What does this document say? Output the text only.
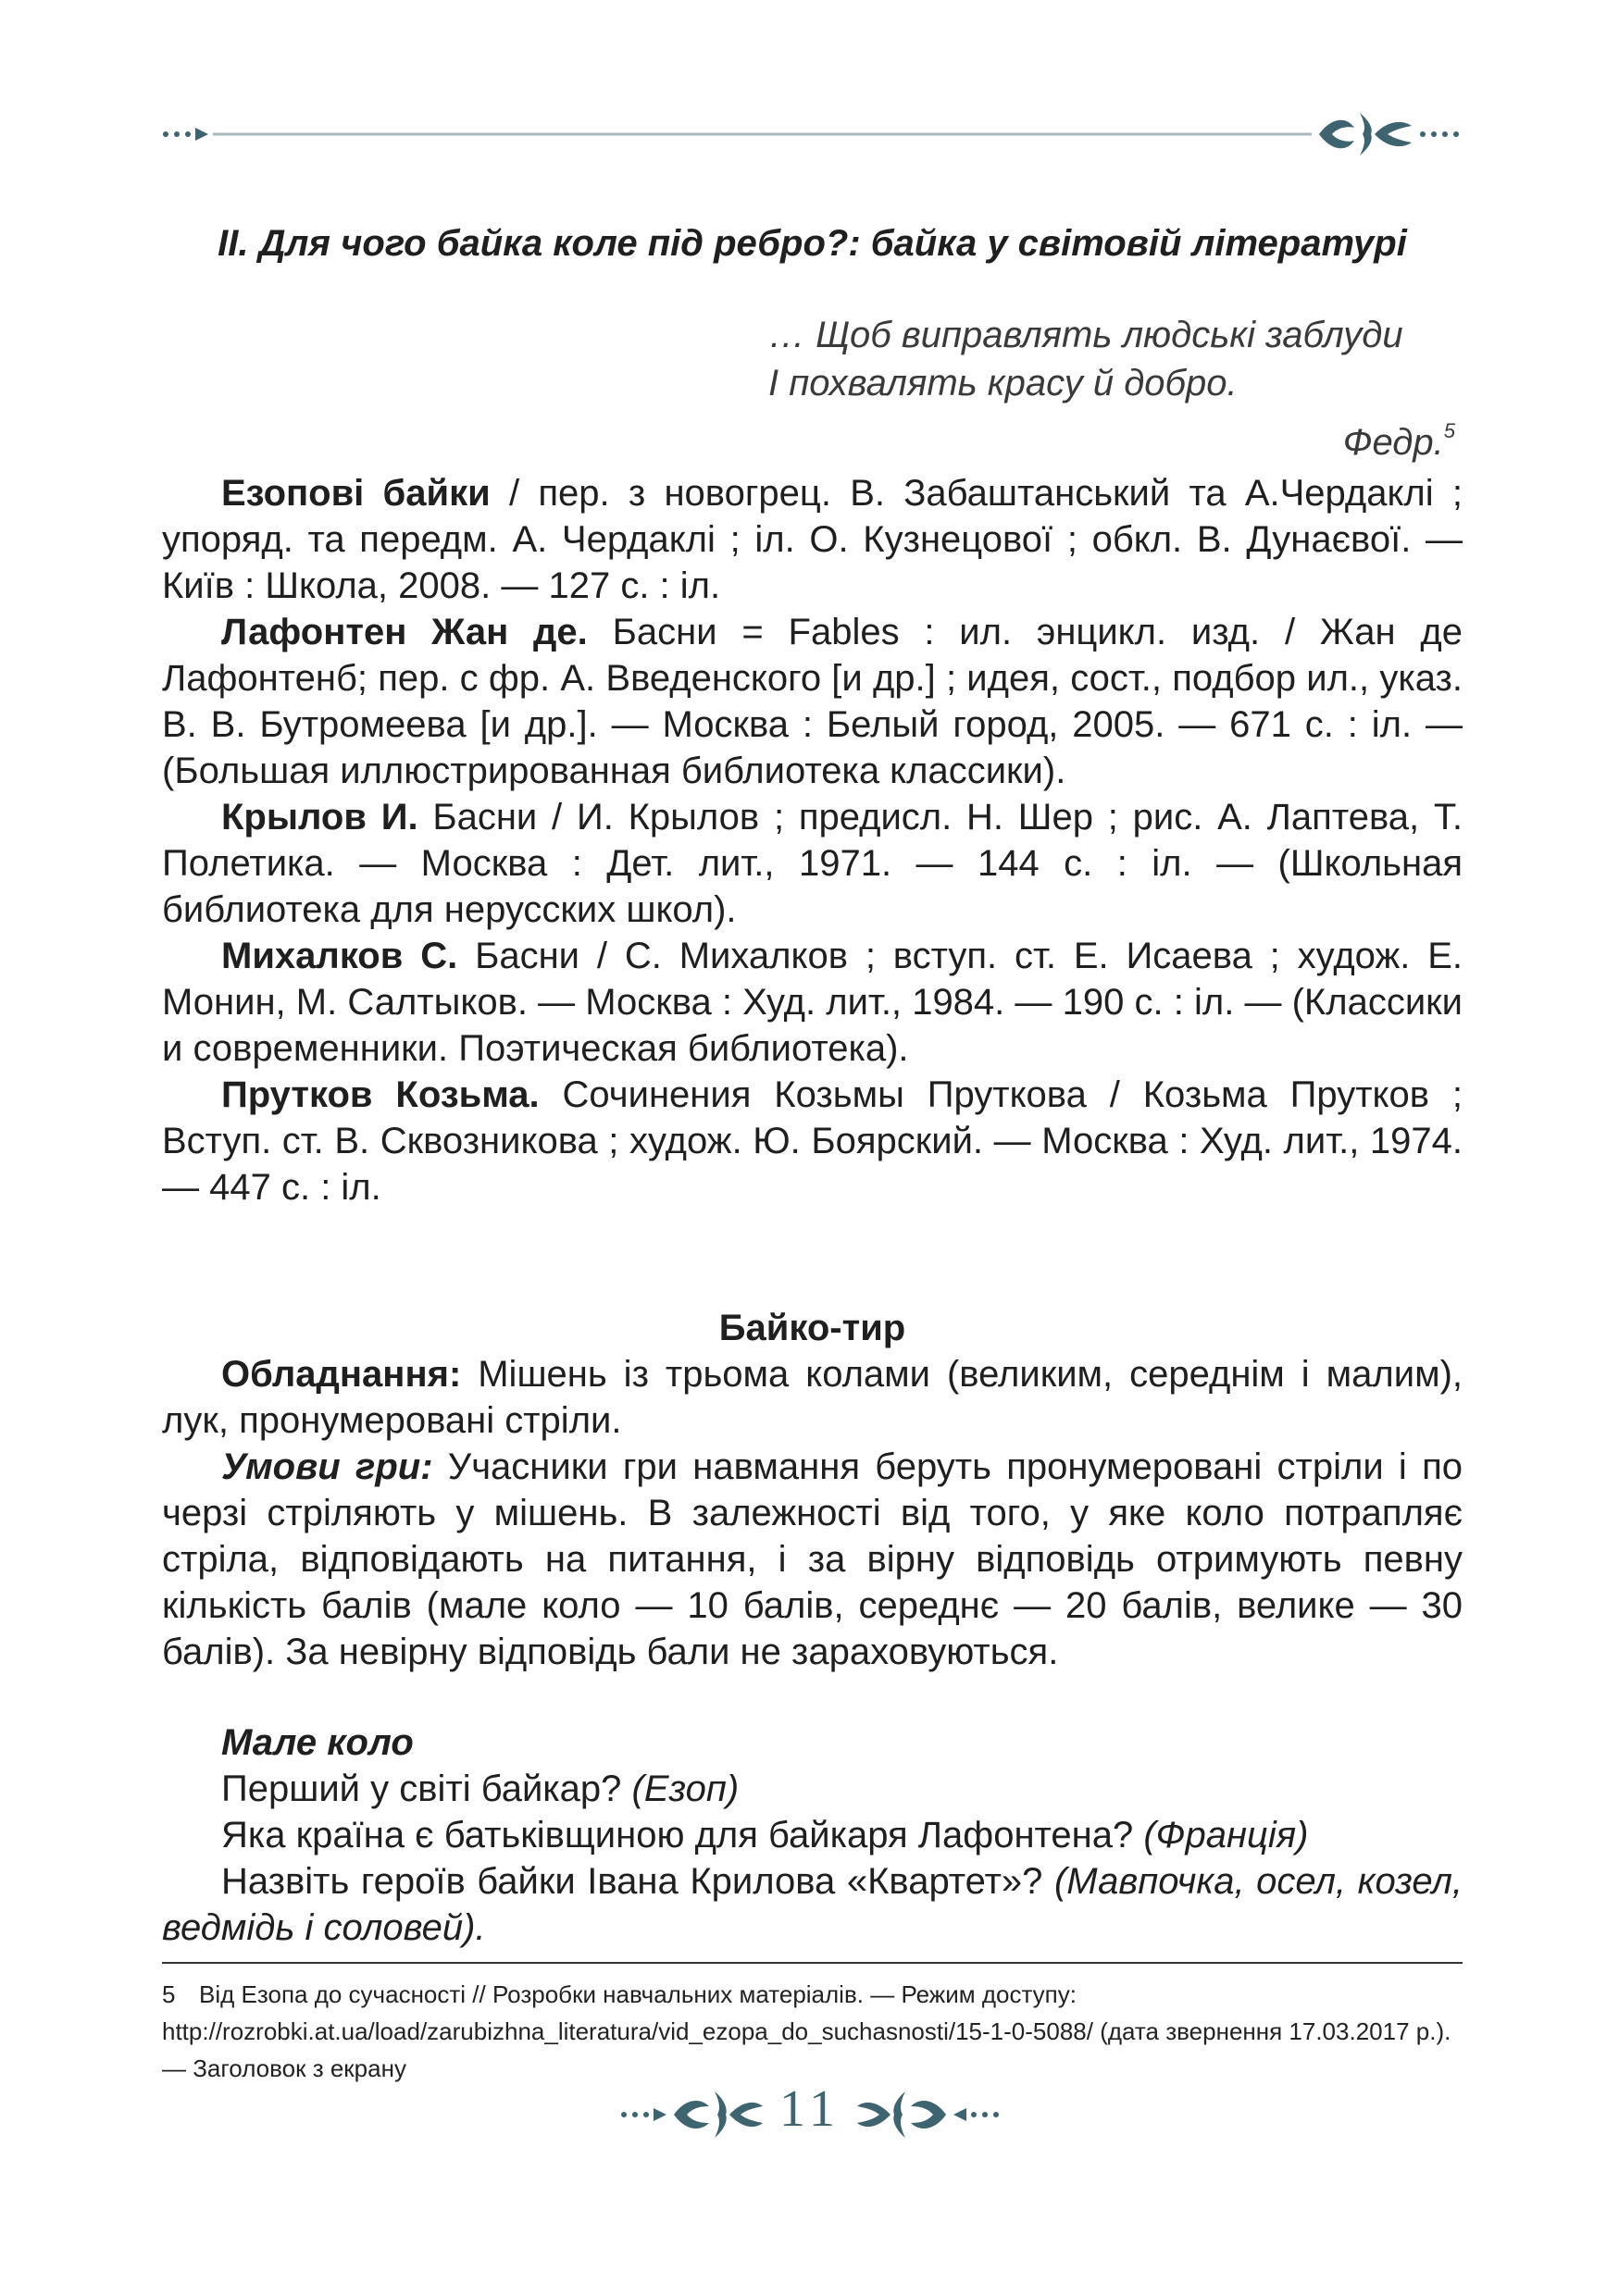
ІІ. Для чого байка коле під ребро?: байка у світовій літературі
… Щоб виправлять людські заблуди
І похвалять красу й добро.
Федр.$^5$

Езопові байки / пер. з новогрец. В. Забаштанський та А.Чердаклі ; упоряд. та передм. А. Чердаклі ; іл. О. Кузнецової ; обкл. В. Дунаєвої. — Київ : Школа, 2008. — 127 с. : іл.

Лафонтен Жан де. Басни = Fables : ил. энцикл. изд. / Жан де Лафонтенб; пер. с фр. А. Введенского [и др.] ; идея, сост., подбор ил., указ. В. В. Бутромеева [и др.]. — Москва : Белый город, 2005. — 671 с. : іл. — (Большая иллюстрированная библиотека классики).

Крылов И. Басни / И. Крылов ; предисл. Н. Шер ; рис. А. Лаптева, Т. Полетика. — Москва : Дет. лит., 1971. — 144 с. : іл. — (Школьная библиотека для нерусских школ).

Михалков С. Басни / С. Михалков ; вступ. ст. Е. Исаева ; худож. Е. Монин, М. Салтыков. — Москва : Худ. лит., 1984. — 190 с. : іл. — (Классики и современники. Поэтическая библиотека).

Прутков Козьма. Сочинения Козьмы Пруткова / Козьма Прутков ; Вступ. ст. В. Сквозникова ; худож. Ю. Боярский. — Москва : Худ. лит., 1974. — 447 с. : іл.

Байко-тир

Обладнання: Мішень із трьома колами (великим, середнім і малим), лук, пронумеровані стріли.

Умови гри: Учасники гри навмання беруть пронумеровані стріли і по черзі стріляють у мішень. В залежності від того, у яке коло потрапляє стріла, відповідають на питання, і за вірну відповідь отримують певну кількість балів (мале коло — 10 балів, середнє — 20 балів, велике — 30 балів). За невірну відповідь бали не зараховуються.

Мале коло

Перший у світі байкар? (Езоп)

Яка країна є батьківщиною для байкаря Лафонтена? (Франція)

Назвіть героїв байки Івана Крилова «Квартет»? (Мавпочка, осел, козел, ведмідь і соловей).

5 Від Езопа до сучасності // Розробки навчальних матеріалів. — Режим доступу: http://rozrobki.at.ua/load/zarubizhna_literatura/vid_ezopa_do_suchasnosti/15-1-0-5088/ (дата звернення 17.03.2017 р.). — Заголовок з екрану
11
